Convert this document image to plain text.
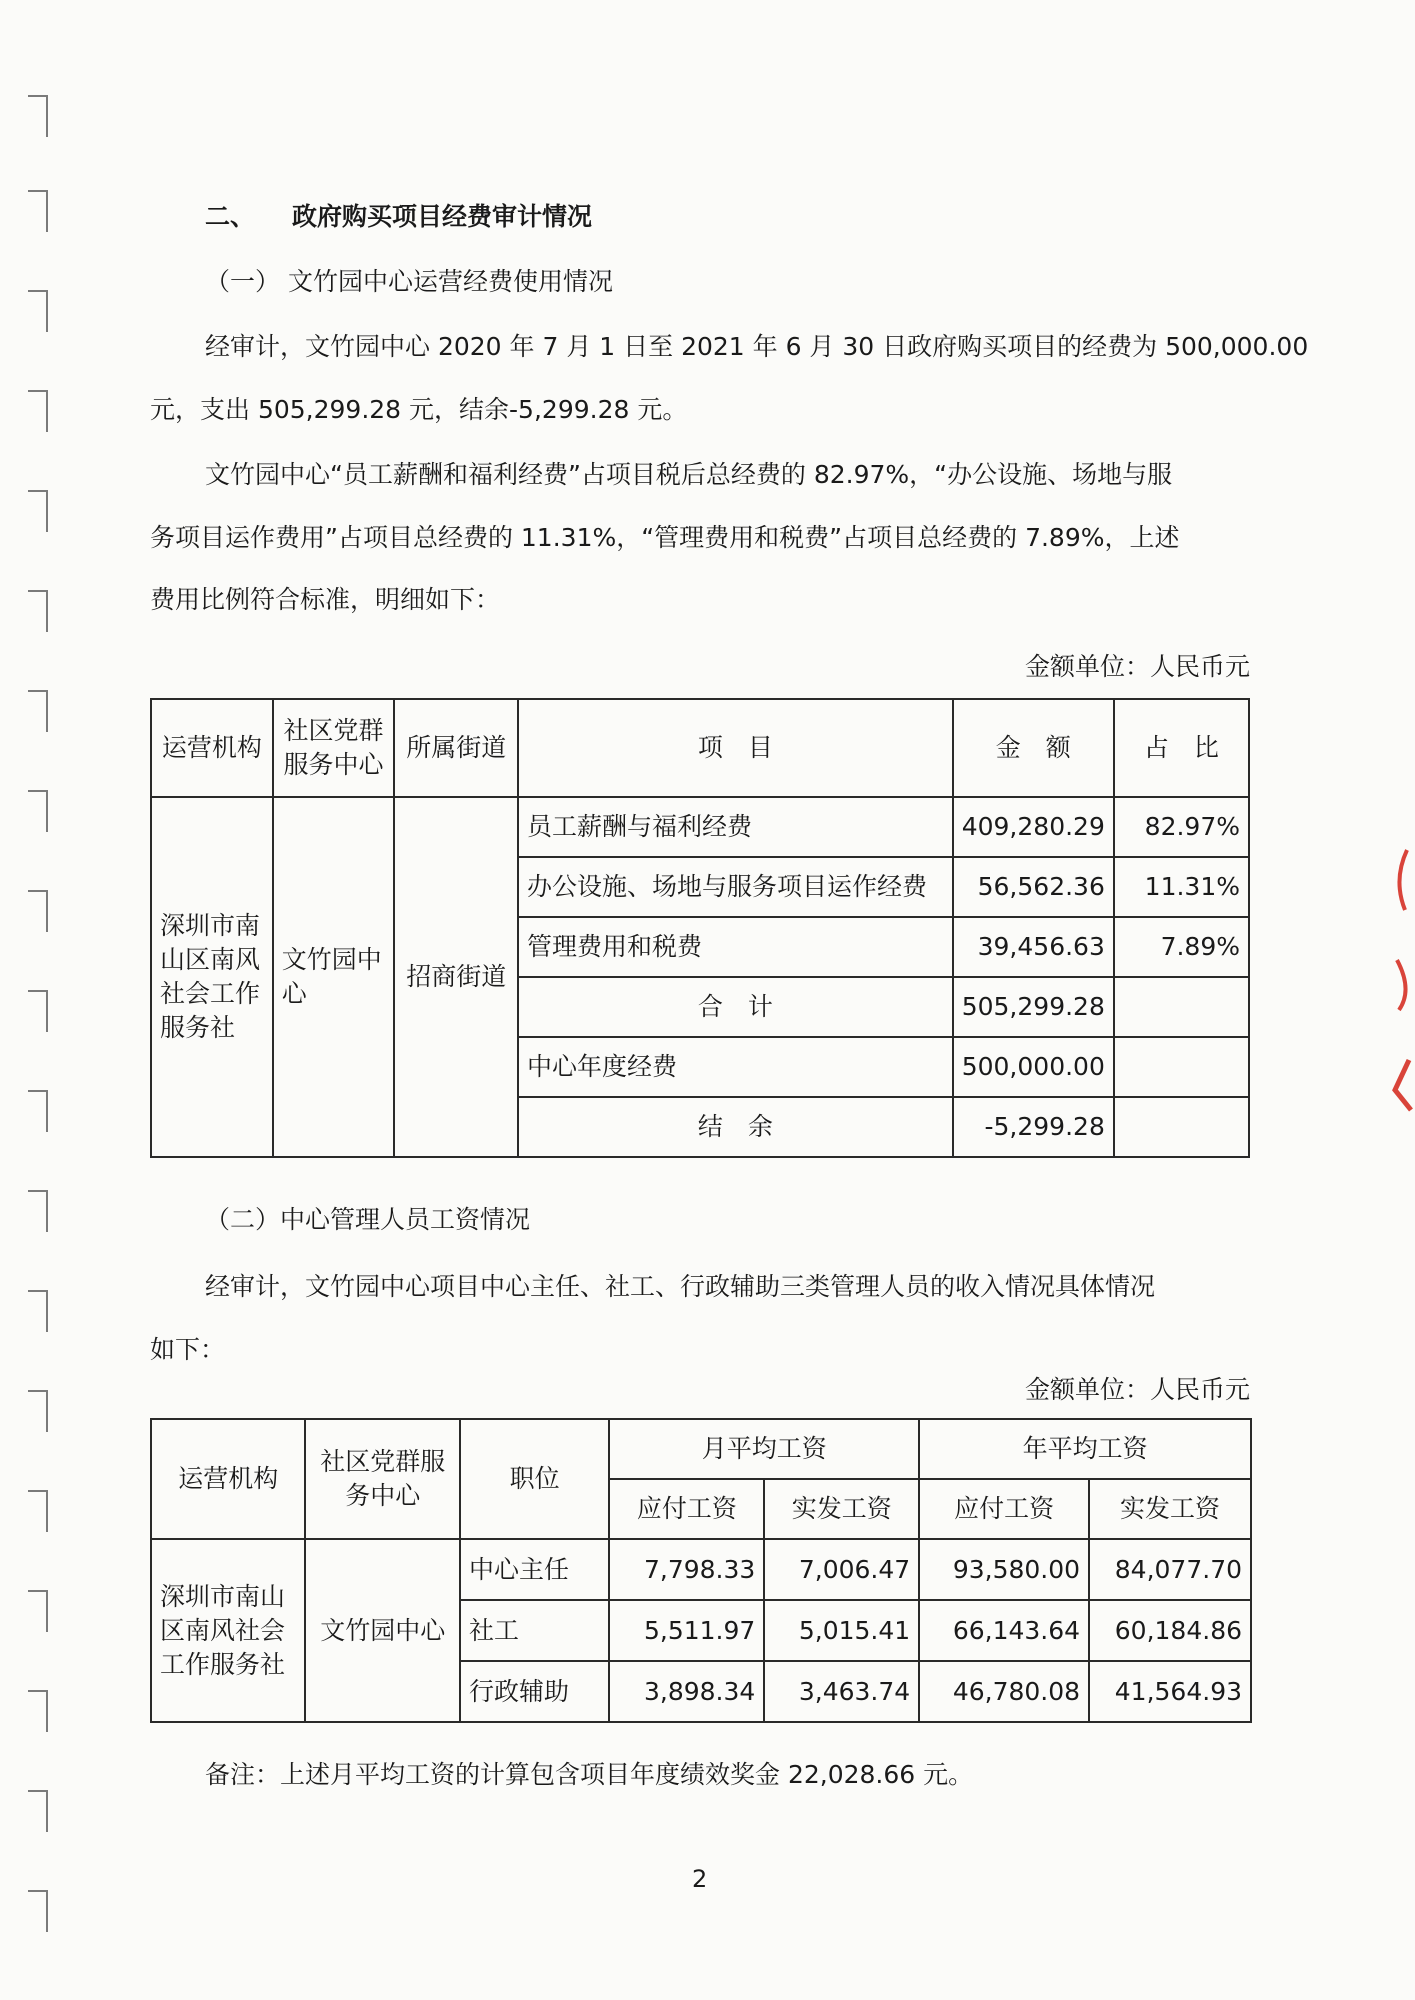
二、 政府购买项目经费审计情况
（一） 文竹园中心运营经费使用情况
经审计，文竹园中心 2020 年 7 月 1 日至 2021 年 6 月 30 日政府购买项目的经费为 500,000.00
元，支出 505,299.28 元，结余-5,299.28 元。
文竹园中心“员工薪酬和福利经费”占项目税后总经费的 82.97%，“办公设施、场地与服
务项目运作费用”占项目总经费的 11.31%，“管理费用和税费”占项目总经费的 7.89%，上述
费用比例符合标准，明细如下：
金额单位：人民币元
运营机构	社区党群服务中心	所属街道	项　目	金　额	占　比
深圳市南山区南风社会工作服务社	文竹园中心	招商街道	员工薪酬与福利经费	409,280.29	82.97%
			办公设施、场地与服务项目运作经费	56,562.36	11.31%
			管理费用和税费	39,456.63	7.89%
			合　计	505,299.28	
			中心年度经费	500,000.00	
			结　余	-5,299.28	
（二）中心管理人员工资情况
经审计，文竹园中心项目中心主任、社工、行政辅助三类管理人员的收入情况具体情况
如下：
金额单位：人民币元
运营机构	社区党群服务中心	职位	月平均工资		年平均工资	
			应付工资	实发工资	应付工资	实发工资
深圳市南山区南风社会工作服务社	文竹园中心	中心主任	7,798.33	7,006.47	93,580.00	84,077.70
		社工	5,511.97	5,015.41	66,143.64	60,184.86
		行政辅助	3,898.34	3,463.74	46,780.08	41,564.93
备注：上述月平均工资的计算包含项目年度绩效奖金 22,028.66 元。
2
